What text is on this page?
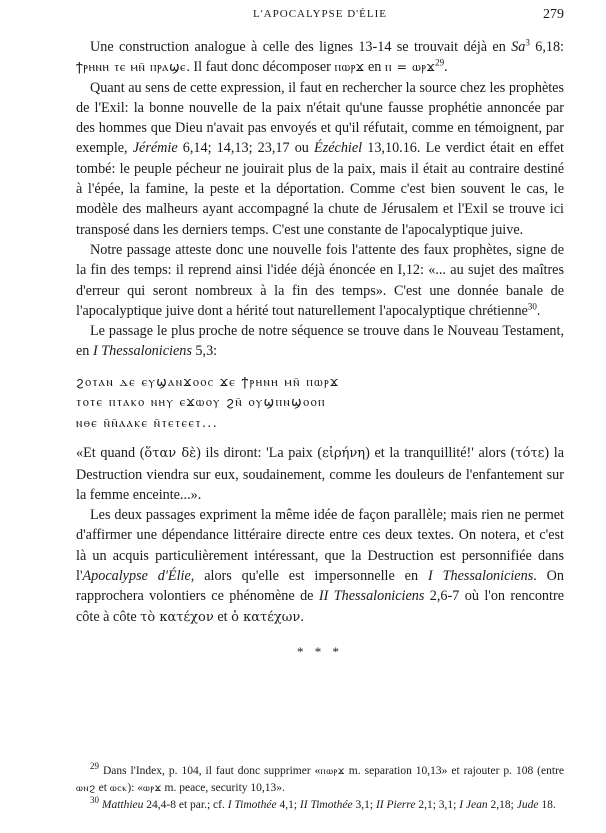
L'APOCALYPSE D'ÉLIE	279

Une construction analogue à celle des lignes 13-14 se trouvait déjà en Sa$^3$ 6,18: ϯⲣⲏⲛⲏ ⲧⲉ ⲙⲛ̄ ⲡⲣⲁϣⲉ. Il faut donc décomposer ⲡⲱⲣϫ en ⲡ = ⲱⲣϫ$^{29}$.

Quant au sens de cette expression, il faut en rechercher la source chez les prophètes de l'Exil: la bonne nouvelle de la paix n'était qu'une fausse prophétie annoncée par des hommes que Dieu n'avait pas envoyés et qu'il réfutait, comme en témoignent, par exemple, Jérémie 6,14; 14,13; 23,17 ou Ézéchiel 13,10.16. Le verdict était en effet tombé: le peuple pécheur ne jouirait plus de la paix, mais il était au contraire destiné à l'épée, la famine, la peste et la déportation. Comme c'est bien souvent le cas, le modèle des malheurs ayant accompagné la chute de Jérusalem et l'Exil se trouve ici transposé dans les derniers temps. C'est une constante de l'apocalyptique juive.

Notre passage atteste donc une nouvelle fois l'attente des faux prophètes, signe de la fin des temps: il reprend ainsi l'idée déjà énoncée en I,12: «... au sujet des maîtres d'erreur qui seront nombreux à la fin des temps». C'est une donnée banale de l'apocalyptique juive dont a hérité tout naturellement l'apocalyptique chrétienne$^{30}$.

Le passage le plus proche de notre séquence se trouve dans le Nouveau Testament, en I Thessaloniciens 5,3:

ϩⲟⲧⲁⲛ ⲇⲉ ⲉⲩϣⲁⲛϫⲟⲟⲥ ϫⲉ ϯⲣⲏⲛⲏ ⲙⲛ̄ ⲡⲱⲣϫ
ⲧⲟⲧⲉ ⲡⲧⲁⲕⲟ ⲛⲏⲩ ⲉϫⲱⲟⲩ ϩⲛ̄ ⲟⲩϣⲡⲛϣⲟⲟⲡ
ⲛⲑⲉ ⲛ̄ⲛ̄ⲁⲁⲕⲉ ⲛ̄ⲧⲉⲧⲉⲉⲧ...

«Et quand (ὅταν δὲ) ils diront: 'La paix (εἰρήνη) et la tranquillité!' alors (τότε) la Destruction viendra sur eux, soudainement, comme les douleurs de l'enfantement sur la femme enceinte...».

Les deux passages expriment la même idée de façon parallèle; mais rien ne permet d'affirmer une dépendance littéraire directe entre ces deux textes. On notera, et c'est là un acquis particulièrement intéressant, que la Destruction est personnifiée dans l'Apocalypse d'Élie, alors qu'elle est impersonnelle en I Thessaloniciens. On rapprochera volontiers ce phénomène de II Thessaloniciens 2,6-7 où l'on rencontre côte à côte τὸ κατέχον et ὁ κατέχων.

* * *

$^{29}$ Dans l'Index, p. 104, il faut donc supprimer «ⲡⲱⲣϫ m. separation 10,13» et rajouter p. 108 (entre ⲱⲛϩ et ⲱⲥⲕ): «ⲱⲣϫ m. peace, security 10,13».

$^{30}$ Matthieu 24,4-8 et par.; cf. I Timothée 4,1; II Timothée 3,1; II Pierre 2,1; 3,1; I Jean 2,18; Jude 18.
